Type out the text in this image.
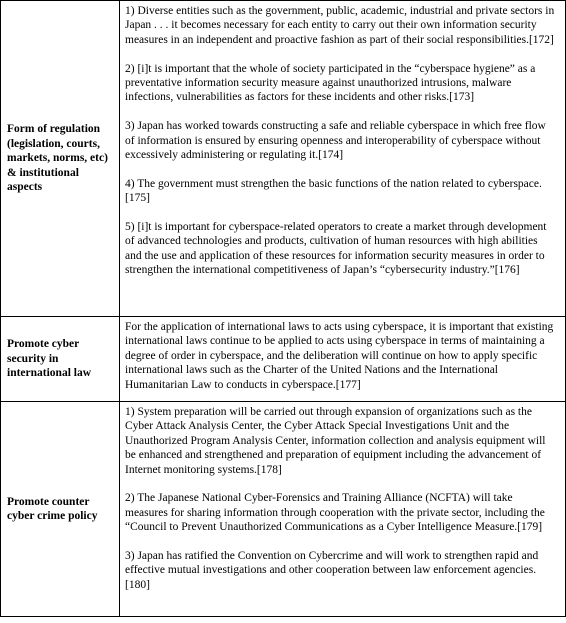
Form of regulation (legislation, courts, markets, norms, etc) & institutional aspects	1) Diverse entities such as the government, public, academic, industrial and private sectors in Japan . . . it becomes necessary for each entity to carry out their own information security measures in an independent and proactive fashion as part of their social responsibilities.[172]

2) [i]t is important that the whole of society participated in the “cyberspace hygiene” as a preventative information security measure against unauthorized intrusions, malware infections, vulnerabilities as factors for these incidents and other risks.[173]

3) Japan has worked towards constructing a safe and reliable cyberspace in which free flow of information is ensured by ensuring openness and interoperability of cyberspace without excessively administering or regulating it.[174]

4) The government must strengthen the basic functions of the nation related to cyberspace.[175]

5) [i]t is important for cyberspace-related operators to create a market through development of advanced technologies and products, cultivation of human resources with high abilities and the use and application of these resources for information security measures in order to strengthen the international competitiveness of Japan’s “cybersecurity industry.”[176]

Promote cyber security in international law	For the application of international laws to acts using cyberspace, it is important that existing international laws continue to be applied to acts using cyberspace in terms of maintaining a degree of order in cyberspace, and the deliberation will continue on how to apply specific international laws such as the Charter of the United Nations and the International Humanitarian Law to conducts in cyberspace.[177]

Promote counter cyber crime policy	1) System preparation will be carried out through expansion of organizations such as the Cyber Attack Analysis Center, the Cyber Attack Special Investigations Unit and the Unauthorized Program Analysis Center, information collection and analysis equipment will be enhanced and strengthened and preparation of equipment including the advancement of Internet monitoring systems.[178]

2) The Japanese National Cyber-Forensics and Training Alliance (NCFTA) will take measures for sharing information through cooperation with the private sector, including the “Council to Prevent Unauthorized Communications as a Cyber Intelligence Measure.[179]

3) Japan has ratified the Convention on Cybercrime and will work to strengthen rapid and effective mutual investigations and other cooperation between law enforcement agencies.[180]
